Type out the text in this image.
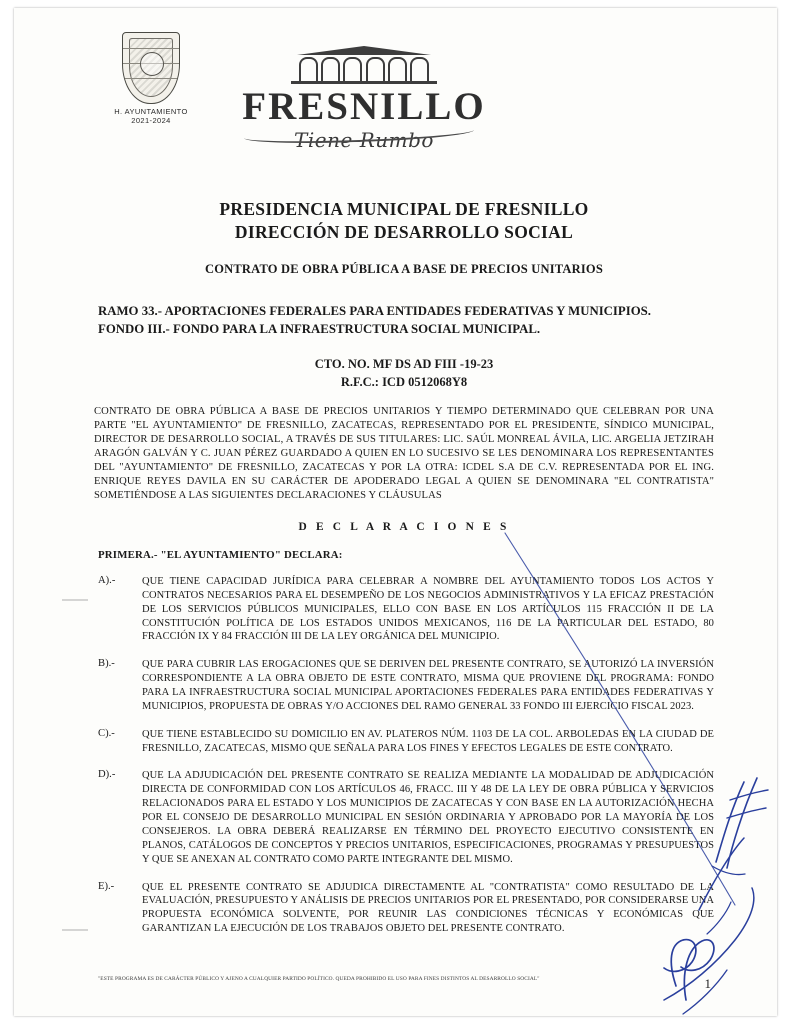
H. AYUNTAMIENTO
2021-2024	FRESNILLO
Tiene Rumbo
PRESIDENCIA MUNICIPAL DE FRESNILLO
DIRECCIÓN DE DESARROLLO SOCIAL
CONTRATO DE OBRA PÚBLICA A BASE DE PRECIOS UNITARIOS
RAMO 33.- APORTACIONES FEDERALES PARA ENTIDADES FEDERATIVAS Y MUNICIPIOS.
FONDO III.- FONDO PARA LA INFRAESTRUCTURA SOCIAL MUNICIPAL.
CTO. NO. MF DS AD FIII -19-23
R.F.C.: ICD 0512068Y8
CONTRATO DE OBRA PÚBLICA A BASE DE PRECIOS UNITARIOS Y TIEMPO DETERMINADO QUE CELEBRAN POR UNA PARTE "EL AYUNTAMIENTO" DE FRESNILLO, ZACATECAS, REPRESENTADO POR EL PRESIDENTE, SÍNDICO MUNICIPAL, DIRECTOR DE DESARROLLO SOCIAL, A TRAVÉS DE SUS TITULARES: LIC. SAÚL MONREAL ÁVILA, LIC. ARGELIA JETZIRAH ARAGÓN GALVÁN Y C. JUAN PÉREZ GUARDADO A QUIEN EN LO SUCESIVO SE LES DENOMINARA LOS REPRESENTANTES DEL "AYUNTAMIENTO" DE FRESNILLO, ZACATECAS Y POR LA OTRA: ICDEL S.A DE C.V. REPRESENTADA POR EL ING. ENRIQUE REYES DAVILA EN SU CARÁCTER DE APODERADO LEGAL A QUIEN SE DENOMINARA "EL CONTRATISTA" SOMETIÉNDOSE A LAS SIGUIENTES DECLARACIONES Y CLÁUSULAS
D E C L A R A C I O N E S
PRIMERA.- "EL AYUNTAMIENTO" DECLARA:
A).-	QUE TIENE CAPACIDAD JURÍDICA PARA CELEBRAR A NOMBRE DEL AYUNTAMIENTO TODOS LOS ACTOS Y CONTRATOS NECESARIOS PARA EL DESEMPEÑO DE LOS NEGOCIOS ADMINISTRATIVOS Y LA EFICAZ PRESTACIÓN DE LOS SERVICIOS PÚBLICOS MUNICIPALES, ELLO CON BASE EN LOS ARTÍCULOS 115 FRACCIÓN II DE LA CONSTITUCIÓN POLÍTICA DE LOS ESTADOS UNIDOS MEXICANOS, 116 DE LA PARTICULAR DEL ESTADO, 80 FRACCIÓN IX Y 84 FRACCIÓN III DE LA LEY ORGÁNICA DEL MUNICIPIO.
B).-	QUE PARA CUBRIR LAS EROGACIONES QUE SE DERIVEN DEL PRESENTE CONTRATO, SE AUTORIZÓ LA INVERSIÓN CORRESPONDIENTE A LA OBRA OBJETO DE ESTE CONTRATO, MISMA QUE PROVIENE DEL PROGRAMA: FONDO PARA LA INFRAESTRUCTURA SOCIAL MUNICIPAL APORTACIONES FEDERALES PARA ENTIDADES FEDERATIVAS Y MUNICIPIOS, PROPUESTA DE OBRAS Y/O ACCIONES DEL RAMO GENERAL 33 FONDO III EJERCICIO FISCAL 2023.
C).-	QUE TIENE ESTABLECIDO SU DOMICILIO EN AV. PLATEROS NÚM. 1103 DE LA COL. ARBOLEDAS EN LA CIUDAD DE FRESNILLO, ZACATECAS, MISMO QUE SEÑALA PARA LOS FINES Y EFECTOS LEGALES DE ESTE CONTRATO.
D).-	QUE LA ADJUDICACIÓN DEL PRESENTE CONTRATO SE REALIZA MEDIANTE LA MODALIDAD DE ADJUDICACIÓN DIRECTA DE CONFORMIDAD CON LOS ARTÍCULOS 46, FRACC. III Y 48 DE LA LEY DE OBRA PÚBLICA Y SERVICIOS RELACIONADOS PARA EL ESTADO Y LOS MUNICIPIOS DE ZACATECAS Y CON BASE EN LA AUTORIZACIÓN HECHA POR EL CONSEJO DE DESARROLLO MUNICIPAL EN SESIÓN ORDINARIA Y APROBADO POR LA MAYORÍA DE LOS CONSEJEROS. LA OBRA DEBERÁ REALIZARSE EN TÉRMINO DEL PROYECTO EJECUTIVO CONSISTENTE EN PLANOS, CATÁLOGOS DE CONCEPTOS Y PRECIOS UNITARIOS, ESPECIFICACIONES, PROGRAMAS Y PRESUPUESTOS Y QUE SE ANEXAN AL CONTRATO COMO PARTE INTEGRANTE DEL MISMO.
E).-	QUE EL PRESENTE CONTRATO SE ADJUDICA DIRECTAMENTE AL "CONTRATISTA" COMO RESULTADO DE LA EVALUACIÓN, PRESUPUESTO Y ANÁLISIS DE PRECIOS UNITARIOS POR EL PRESENTADO, POR CONSIDERARSE UNA PROPUESTA ECONÓMICA SOLVENTE, POR REUNIR LAS CONDICIONES TÉCNICAS Y ECONÓMICAS QUE GARANTIZAN LA EJECUCIÓN DE LOS TRABAJOS OBJETO DEL PRESENTE CONTRATO.
"ESTE PROGRAMA ES DE CARÁCTER PÚBLICO Y AJENO A CUALQUIER PARTIDO POLÍTICO. QUEDA PROHIBIDO EL USO PARA FINES DISTINTOS AL DESARROLLO SOCIAL"	1
